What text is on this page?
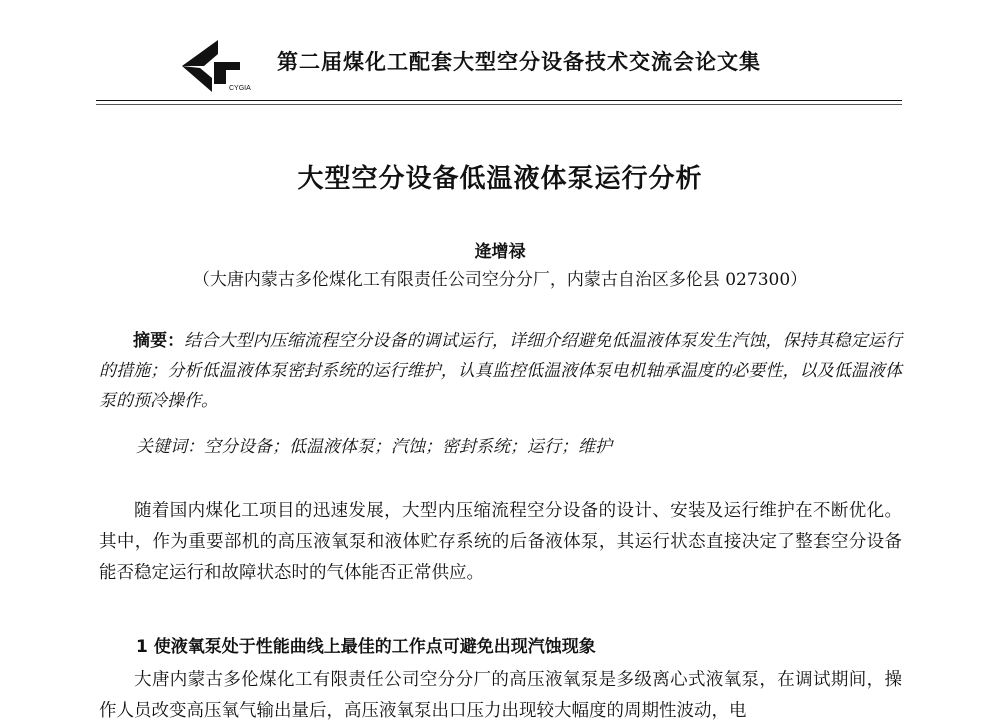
CYGIA
第二届煤化工配套大型空分设备技术交流会论文集
大型空分设备低温液体泵运行分析
逄增禄
（大唐内蒙古多伦煤化工有限责任公司空分分厂，内蒙古自治区多伦县 027300）

摘要：结合大型内压缩流程空分设备的调试运行，详细介绍避免低温液体泵发生汽蚀，保持其稳定运行的措施；分析低温液体泵密封系统的运行维护，认真监控低温液体泵电机轴承温度的必要性，以及低温液体泵的预冷操作。

关键词：空分设备；低温液体泵；汽蚀；密封系统；运行；维护

随着国内煤化工项目的迅速发展，大型内压缩流程空分设备的设计、安装及运行维护在不断优化。其中，作为重要部机的高压液氧泵和液体贮存系统的后备液体泵，其运行状态直接决定了整套空分设备能否稳定运行和故障状态时的气体能否正常供应。

1 使液氧泵处于性能曲线上最佳的工作点可避免出现汽蚀现象

大唐内蒙古多伦煤化工有限责任公司空分分厂的高压液氧泵是多级离心式液氧泵，在调试期间，操作人员改变高压氧气输出量后，高压液氧泵出口压力出现较大幅度的周期性波动，电
